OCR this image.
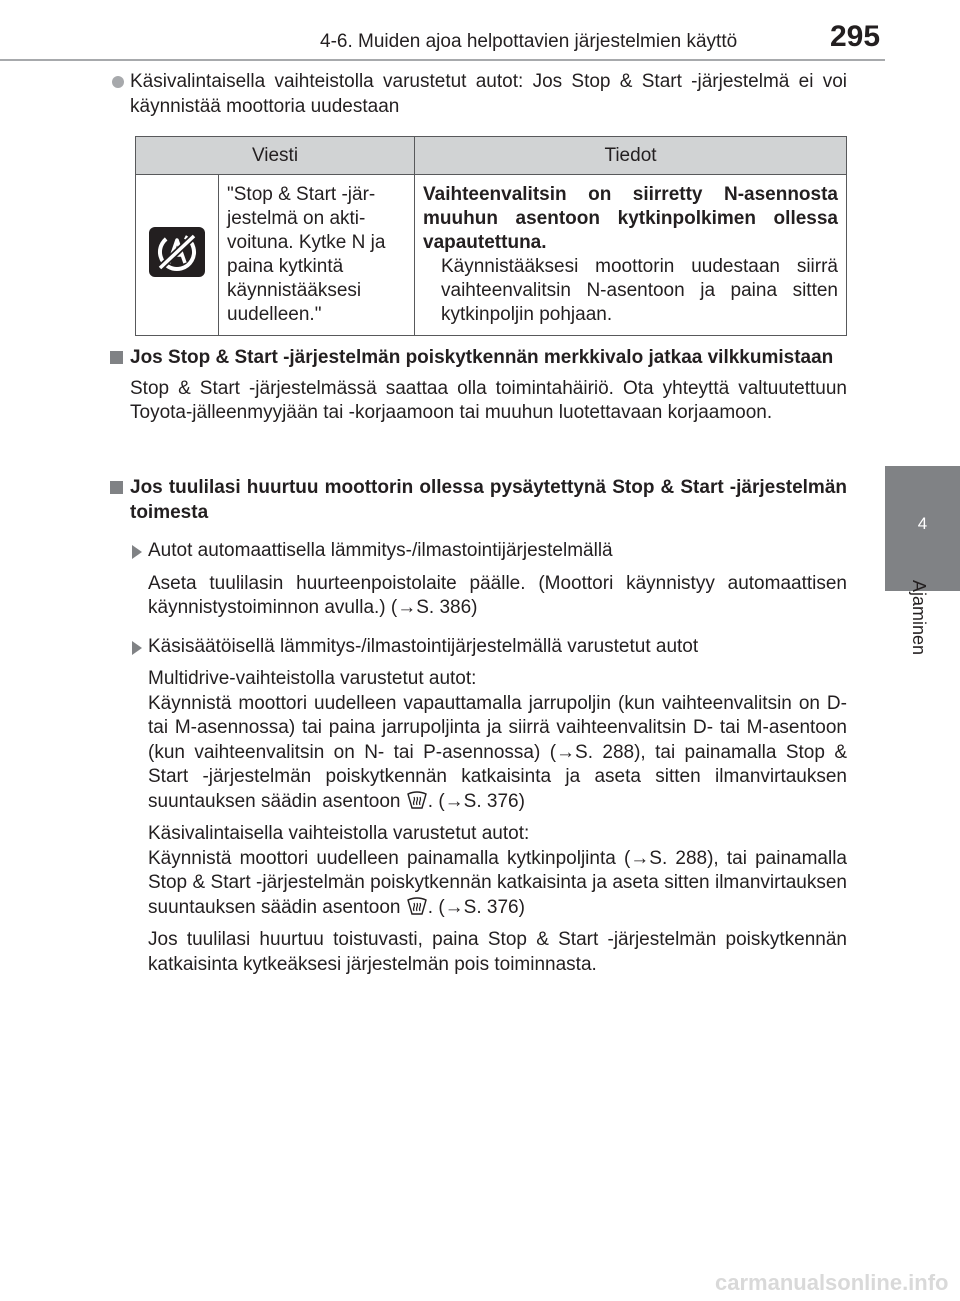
4-6. Muiden ajoa helpottavien järjestelmien käyttö	295
4
Ajaminen
Käsivalintaisella vaihteistolla varustetut autot: Jos Stop & Start -järjestelmä ei voi käynnistää moottoria uudestaan
Viesti		Tiedot
	"Stop & Start -järjestelmä on aktivoituna. Kytke N ja paina kytkintä käynnistääksesi uudelleen."	Vaihteenvalitsin on siirretty N-asennosta muuhun asentoon kytkinpolkimen ollessa vapautettuna.
Käynnistääksesi moottorin uudestaan siirrä vaihteenvalitsin N-asentoon ja paina sitten kytkinpoljin pohjaan.
Jos Stop & Start -järjestelmän poiskytkennän merkkivalo jatkaa vilkkumistaan

Stop & Start -järjestelmässä saattaa olla toimintahäiriö. Ota yhteyttä valtuutettuun Toyota-jälleenmyyjään tai -korjaamoon tai muuhun luotettavaan korjaamoon.

Jos tuulilasi huurtuu moottorin ollessa pysäytettynä Stop & Start -järjestelmän toimesta
Autot automaattisella lämmitys-/ilmastointijärjestelmällä
Aseta tuulilasin huurteenpoistolaite päälle. (Moottori käynnistyy automaattisen käynnistystoiminnon avulla.) (→S. 386)
Käsisäätöisellä lämmitys-/ilmastointijärjestelmällä varustetut autot
Multidrive-vaihteistolla varustetut autot:
Käynnistä moottori uudelleen vapauttamalla jarrupoljin (kun vaihteenvalitsin on D- tai M-asennossa) tai paina jarrupoljinta ja siirrä vaihteenvalitsin D- tai M-asentoon (kun vaihteenvalitsin on N- tai P-asennossa) (→S. 288), tai painamalla Stop & Start -järjestelmän poiskytkennän katkaisinta ja aseta sitten ilmanvirtauksen suuntauksen säädin asentoon . (→S. 376)
Käsivalintaisella vaihteistolla varustetut autot:
Käynnistä moottori uudelleen painamalla kytkinpoljinta (→S. 288), tai painamalla Stop & Start -järjestelmän poiskytkennän katkaisinta ja aseta sitten ilmanvirtauksen suuntauksen säädin asentoon . (→S. 376)
Jos tuulilasi huurtuu toistuvasti, paina Stop & Start -järjestelmän poiskytkennän katkaisinta kytkeäksesi järjestelmän pois toiminnasta.
carmanualsonline.info
